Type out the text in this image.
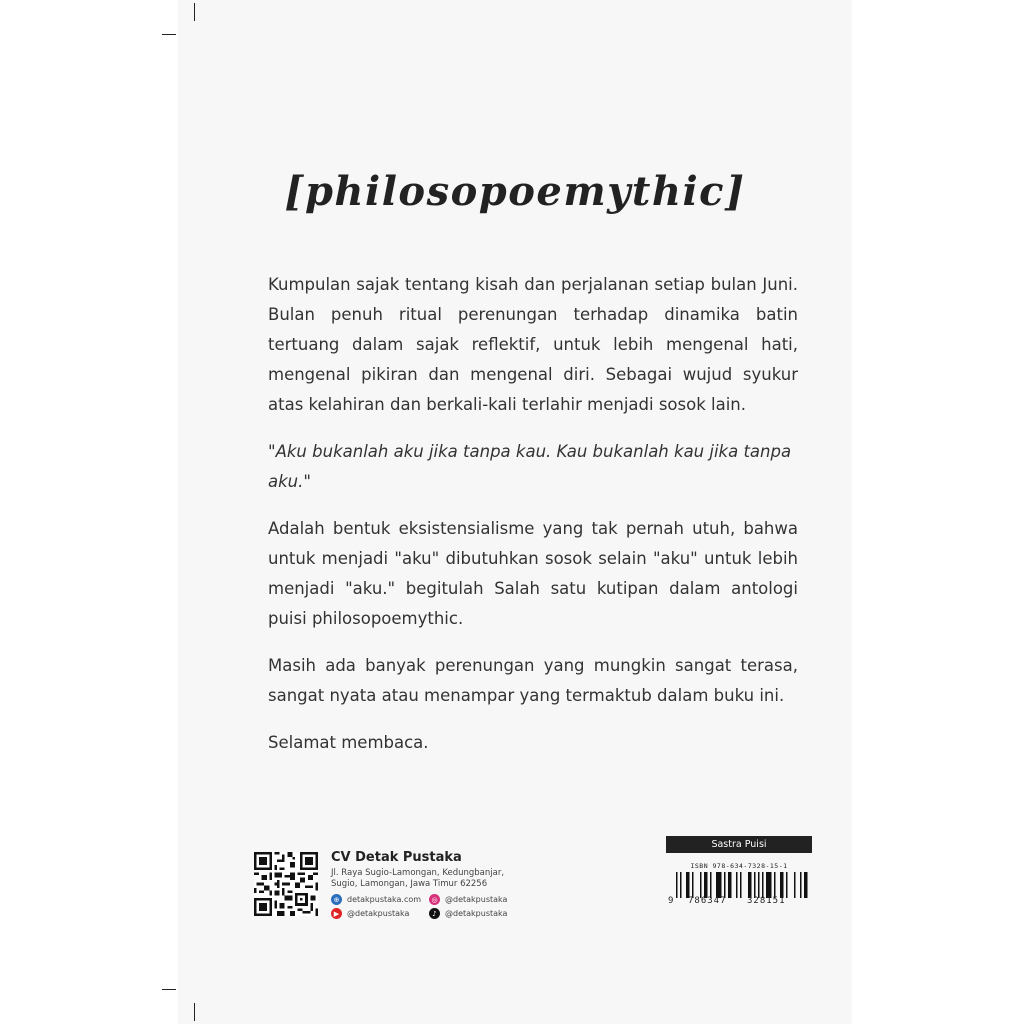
[philosopoemythic]

Kumpulan sajak tentang kisah dan perjalanan setiap bulan Juni. Bulan penuh ritual perenungan terhadap dinamika batin tertuang dalam sajak reflektif, untuk lebih mengenal hati, mengenal pikiran dan mengenal diri. Sebagai wujud syukur atas kelahiran dan berkali-kali terlahir menjadi sosok lain.

"Aku bukanlah aku jika tanpa kau. Kau bukanlah kau jika tanpa aku."

Adalah bentuk eksistensialisme yang tak pernah utuh, bahwa untuk menjadi "aku" dibutuhkan sosok selain "aku" untuk lebih menjadi "aku." begitulah Salah satu kutipan dalam antologi puisi philosopoemythic.

Masih ada banyak perenungan yang mungkin sangat terasa, sangat nyata atau menampar yang termaktub dalam buku ini.

Selamat membaca.

CV Detak Pustaka
Jl. Raya Sugio-Lamongan, Kedungbanjar,
Sugio, Lamongan, Jawa Timur 62256
⊕ detakpustaka.com	◎ @detakpustaka
▶ @detakpustaka	♪	@detakpustaka
Sastra Puisi
ISBN 978-634-7328-15-1
9 786347 328151
